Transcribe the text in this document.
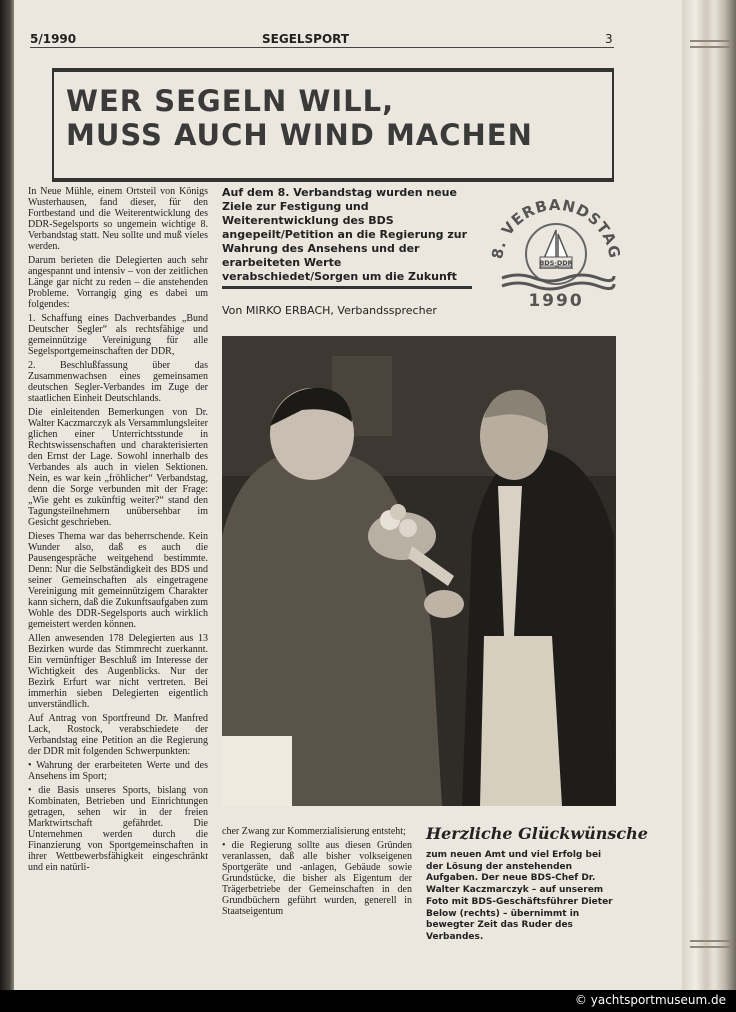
5/1990	SEGELSPORT	3
WER SEGELN WILL,
MUSS AUCH WIND MACHEN

In Neue Mühle, einem Ortsteil von Königs Wusterhausen, fand dieser, für den Fortbestand und die Weiterentwicklung des DDR-Segelsports so ungemein wichtige 8. Verbandstag statt. Neu sollte und muß vieles werden.

Darum berieten die Delegierten auch sehr angespannt und intensiv – von der zeitlichen Länge gar nicht zu reden – die anstehenden Probleme. Vorrangig ging es dabei um folgendes:

1. Schaffung eines Dachverbandes „Bund Deutscher Segler“ als rechtsfähige und gemeinnützige Vereinigung für alle Segelsportgemeinschaften der DDR,

2. Beschlußfassung über das Zusammenwachsen eines gemeinsamen deutschen Segler-Verbandes im Zuge der staatlichen Einheit Deutschlands.

Die einleitenden Bemerkungen von Dr. Walter Kaczmarczyk als Versammlungsleiter glichen einer Unterrichtsstunde in Rechtswissenschaften und charakterisierten den Ernst der Lage. Sowohl innerhalb des Verbandes als auch in vielen Sektionen. Nein, es war kein „fröhlicher“ Verbandstag, denn die Sorge verbunden mit der Frage: „Wie geht es zukünftig weiter?“ stand den Tagungsteilnehmern unübersehbar im Gesicht geschrieben.

Dieses Thema war das beherrschende. Kein Wunder also, daß es auch die Pausengespräche weitgehend bestimmte. Denn: Nur die Selbständigkeit des BDS und seiner Gemeinschaften als eingetragene Vereinigung mit gemeinnützigem Charakter kann sichern, daß die Zukunftsaufgaben zum Wohle des DDR-Segelsports auch wirklich gemeistert werden können.

Allen anwesenden 178 Delegierten aus 13 Bezirken wurde das Stimmrecht zuerkannt. Ein vernünftiger Beschluß im Interesse der Wichtigkeit des Augenblicks. Nur der Bezirk Erfurt war nicht vertreten. Bei immerhin sieben Delegierten eigentlich unverständlich.

Auf Antrag von Sportfreund Dr. Manfred Lack, Rostock, verabschiedete der Verbandstag eine Petition an die Regierung der DDR mit folgenden Schwerpunkten:

• Wahrung der erarbeiteten Werte und des Ansehens im Sport;

• die Basis unseres Sports, bislang von Kombinaten, Betrieben und Einrichtungen getragen, sehen wir in der freien Marktwirtschaft gefährdet. Die Unternehmen werden durch die Finanzierung von Sportgemeinschaften in ihrer Wettbewerbsfähigkeit eingeschränkt und ein natürli-

Auf dem 8. Verbandstag wurden neue Ziele zur Festigung und Weiterentwicklung des BDS angepeilt/Petition an die Regierung zur Wahrung des Ansehens und der erarbeiteten Werte verabschiedet/Sorgen um die Zukunft
Von MIRKO ERBACH, Verbandssprecher
8. VERBANDSTAG
BDS·DDR
1990

cher Zwang zur Kommerzialisierung entsteht;

• die Regierung sollte aus diesen Gründen veranlassen, daß alle bisher volkseigenen Sportgeräte und -anlagen, Gebäude sowie Grundstücke, die bisher als Eigentum der Trägerbetriebe der Gemeinschaften in den Grundbüchern geführt wurden, generell in Staatseigentum

Herzliche Glückwünsche
zum neuen Amt und viel Erfolg bei der Lösung der anstehenden Aufgaben. Der neue BDS-Chef Dr. Walter Kaczmarczyk – auf unserem Foto mit BDS-Geschäftsführer Dieter Below (rechts) – übernimmt in bewegter Zeit das Ruder des Verbandes.
© yachtsportmuseum.de
